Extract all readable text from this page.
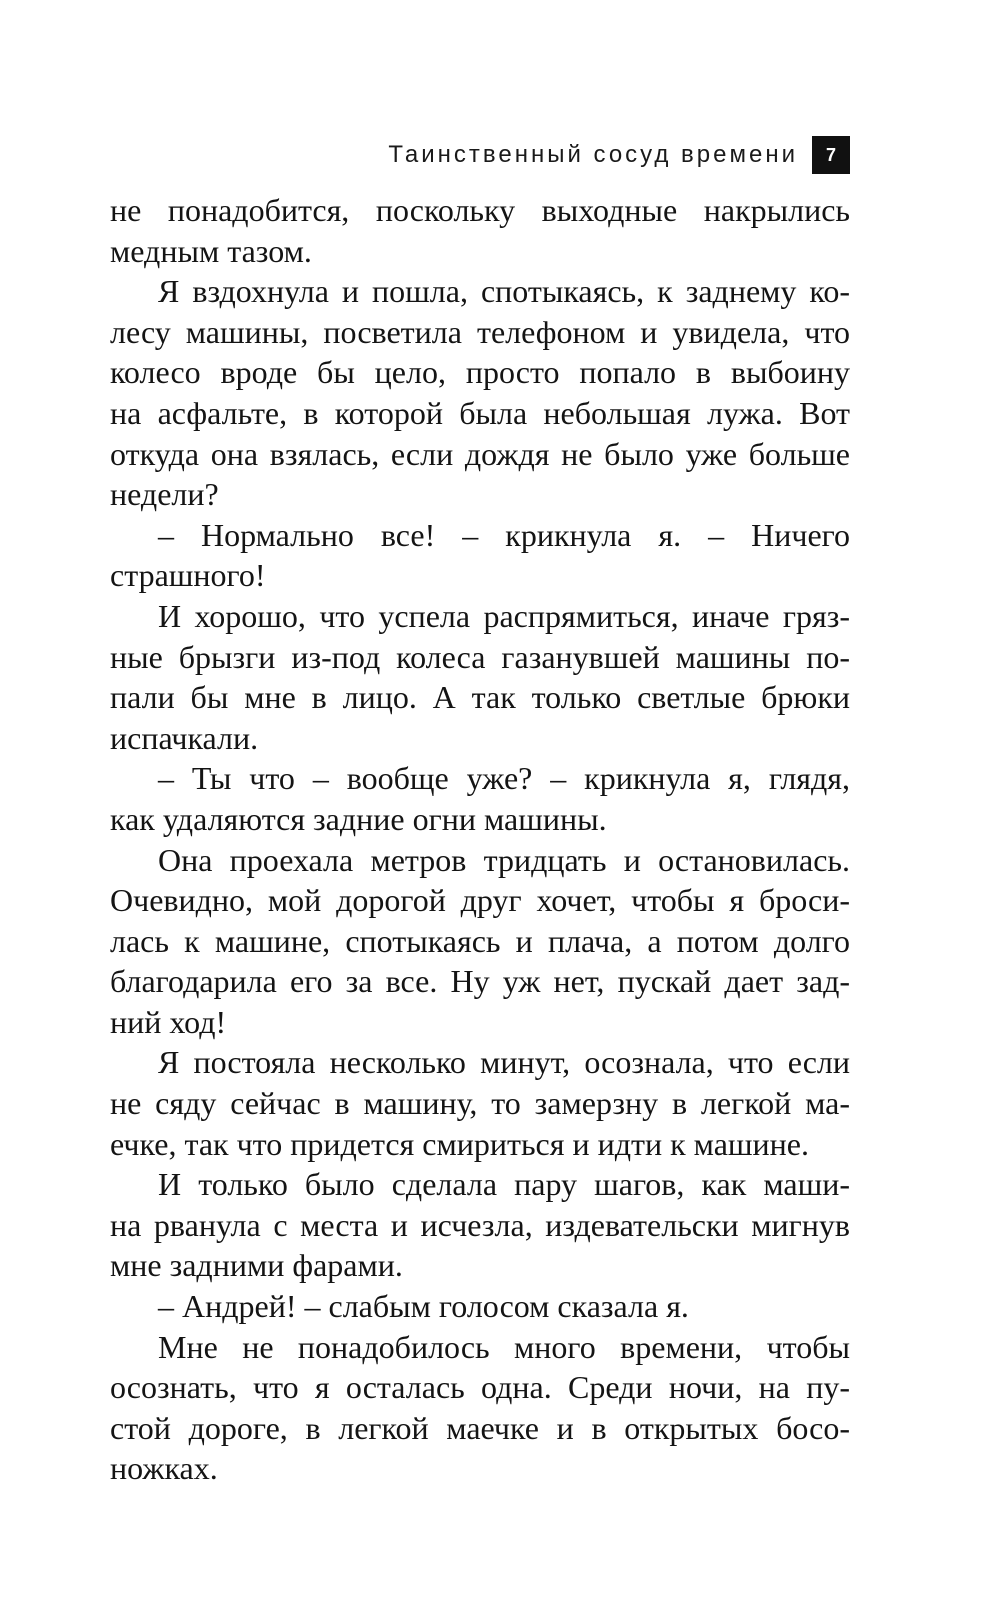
Таинственный сосуд времени	7
не понадобится, поскольку выходные накрылись
медным тазом.
Я вздохнула и пошла, спотыкаясь, к заднему ко-
лесу машины, посветила телефоном и увидела, что
колесо вроде бы цело, просто попало в выбоину
на асфальте, в которой была небольшая лужа. Вот
откуда она взялась, если дождя не было уже больше
недели?
– Нормально все! – крикнула я. – Ничего
страшного!
И хорошо, что успела распрямиться, иначе гряз-
ные брызги из-под колеса газанувшей машины по-
пали бы мне в лицо. А так только светлые брюки
испачкали.
– Ты что – вообще уже? – крикнула я, глядя,
как удаляются задние огни машины.
Она проехала метров тридцать и остановилась.
Очевидно, мой дорогой друг хочет, чтобы я броси-
лась к машине, спотыкаясь и плача, а потом долго
благодарила его за все. Ну уж нет, пускай дает зад-
ний ход!
Я постояла несколько минут, осознала, что если
не сяду сейчас в машину, то замерзну в легкой ма-
ечке, так что придется смириться и идти к машине.
И только было сделала пару шагов, как маши-
на рванула с места и исчезла, издевательски мигнув
мне задними фарами.
– Андрей! – слабым голосом сказала я.
Мне не понадобилось много времени, чтобы
осознать, что я осталась одна. Среди ночи, на пу-
стой дороге, в легкой маечке и в открытых босо-
ножках.
